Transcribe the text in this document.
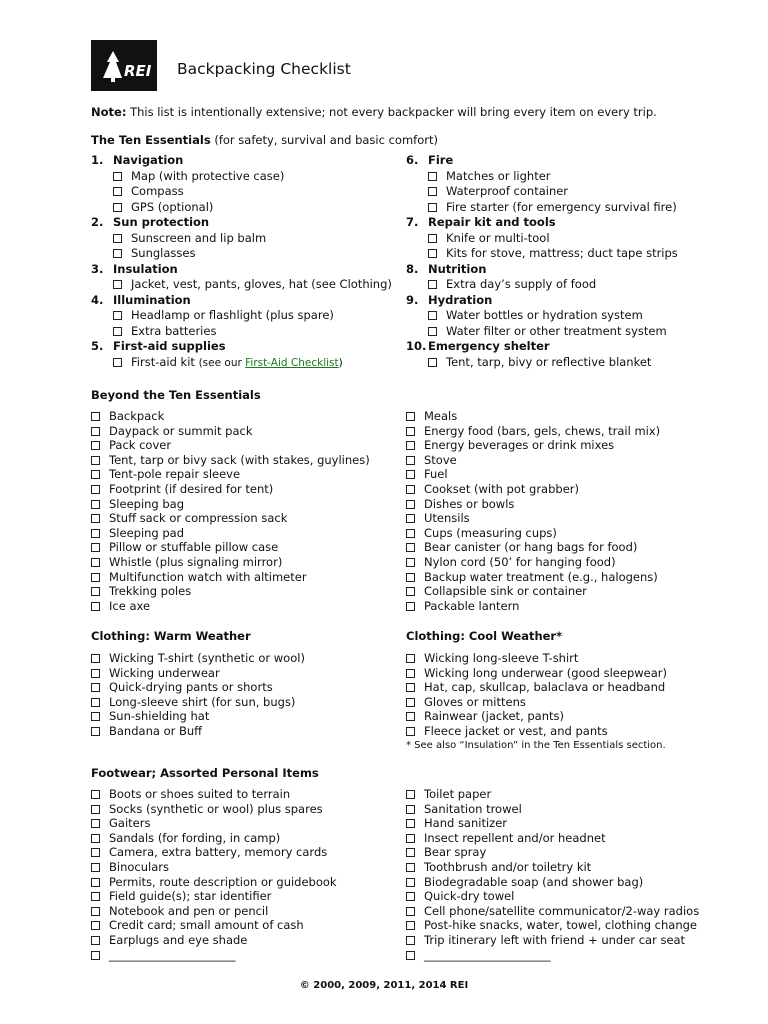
REI Backpacking Checklist
Note: This list is intentionally extensive; not every backpacker will bring every item on every trip.
The Ten Essentials (for safety, survival and basic comfort)
1. Navigation
Map (with protective case)
Compass
GPS (optional)
2. Sun protection
Sunscreen and lip balm
Sunglasses
3. Insulation
Jacket, vest, pants, gloves, hat (see Clothing)
4. Illumination
Headlamp or flashlight (plus spare)
Extra batteries
5. First-aid supplies
First-aid kit (see our First-Aid Checklist)
6. Fire
Matches or lighter
Waterproof container
Fire starter (for emergency survival fire)
7. Repair kit and tools
Knife or multi-tool
Kits for stove, mattress; duct tape strips
8. Nutrition
Extra day’s supply of food
9. Hydration
Water bottles or hydration system
Water filter or other treatment system
10. Emergency shelter
Tent, tarp, bivy or reflective blanket
Beyond the Ten Essentials
Backpack
Daypack or summit pack
Pack cover
Tent, tarp or bivy sack (with stakes, guylines)
Tent-pole repair sleeve
Footprint (if desired for tent)
Sleeping bag
Stuff sack or compression sack
Sleeping pad
Pillow or stuffable pillow case
Whistle (plus signaling mirror)
Multifunction watch with altimeter
Trekking poles
Ice axe
Meals
Energy food (bars, gels, chews, trail mix)
Energy beverages or drink mixes
Stove
Fuel
Cookset (with pot grabber)
Dishes or bowls
Utensils
Cups (measuring cups)
Bear canister (or hang bags for food)
Nylon cord (50’ for hanging food)
Backup water treatment (e.g., halogens)
Collapsible sink or container
Packable lantern
Clothing: Warm Weather	Clothing: Cool Weather*
Wicking T-shirt (synthetic or wool)
Wicking underwear
Quick-drying pants or shorts
Long-sleeve shirt (for sun, bugs)
Sun-shielding hat
Bandana or Buff
Wicking long-sleeve T-shirt
Wicking long underwear (good sleepwear)
Hat, cap, skullcap, balaclava or headband
Gloves or mittens
Rainwear (jacket, pants)
Fleece jacket or vest, and pants
* See also “Insulation” in the Ten Essentials section.
Footwear; Assorted Personal Items
Boots or shoes suited to terrain
Socks (synthetic or wool) plus spares
Gaiters
Sandals (for fording, in camp)
Camera, extra battery, memory cards
Binoculars
Permits, route description or guidebook
Field guide(s); star identifier
Notebook and pen or pencil
Credit card; small amount of cash
Earplugs and eye shade
______________________
Toilet paper
Sanitation trowel
Hand sanitizer
Insect repellent and/or headnet
Bear spray
Toothbrush and/or toiletry kit
Biodegradable soap (and shower bag)
Quick-dry towel
Cell phone/satellite communicator/2-way radios
Post-hike snacks, water, towel, clothing change
Trip itinerary left with friend + under car seat
______________________
© 2000, 2009, 2011, 2014 REI
